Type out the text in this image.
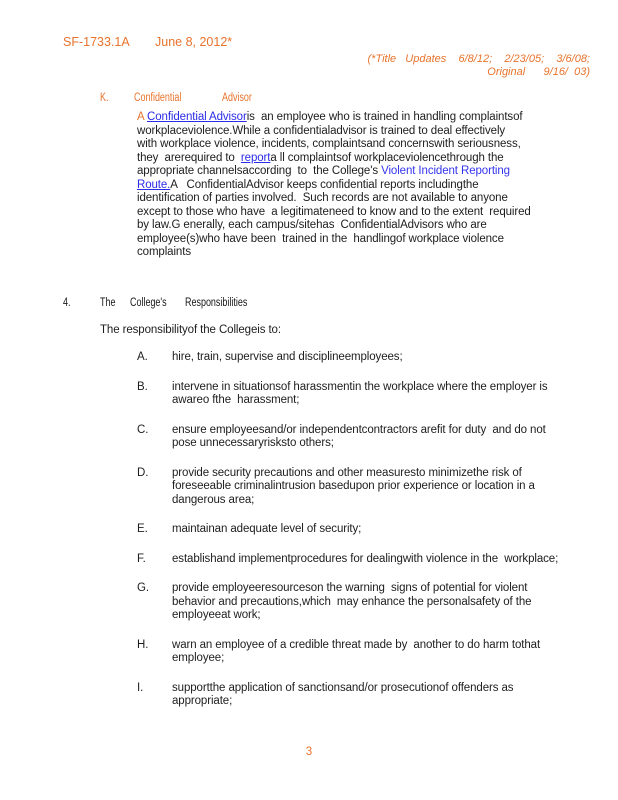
SF-1733.1A June 8, 2012*
(*Title   Updates    6/8/12;    2/23/05;    3/6/08;
Original      9/16/  03)
K. Confidential	Advisor
A Confidential Advisoris  an employee who is trained in handling complaintsof
workplaceviolence.While a confidentialadvisor is trained to deal effectively
with workplace violence, incidents, complaintsand concernswith seriousness,
they  arerequired to  reporta ll complaintsof workplaceviolencethrough the
appropriate channelsaccording  to  the College's Violent Incident Reporting
Route.A   ConfidentialAdvisor keeps confidential reports includingthe
identification of parties involved.  Such records are not available to anyone
except to those who have  a legitimateneed to know and to the extent  required
by law.G enerally, each campus/sitehas  ConfidentialAdvisors who are
employee(s)who have been  trained in the  handlingof workplace violence
complaints
4.	The	College's	Responsibilities
The responsibilityof the Collegeis to:
A. hire, train, supervise and disciplineemployees;
B. intervene in situationsof harassmentin the workplace where the employer is
awareo fthe  harassment;
C. ensure employeesand/or independentcontractors arefit for duty  and do not
pose unnecessaryrisksto others;
D. provide security precautions and other measuresto minimizethe risk of
foreseeable criminalintrusion basedupon prior experience or location in a
dangerous area;
E. maintainan adequate level of security;
F. establishand implementprocedures for dealingwith violence in the  workplace;
G. provide employeeresourceson the warning  signs of potential for violent
behavior and precautions,which  may enhance the personalsafety of the
employeeat work;
H. warn an employee of a credible threat made by  another to do harm tothat
employee;
I.	supportthe application of sanctionsand/or prosecutionof offenders as
appropriate;
3
